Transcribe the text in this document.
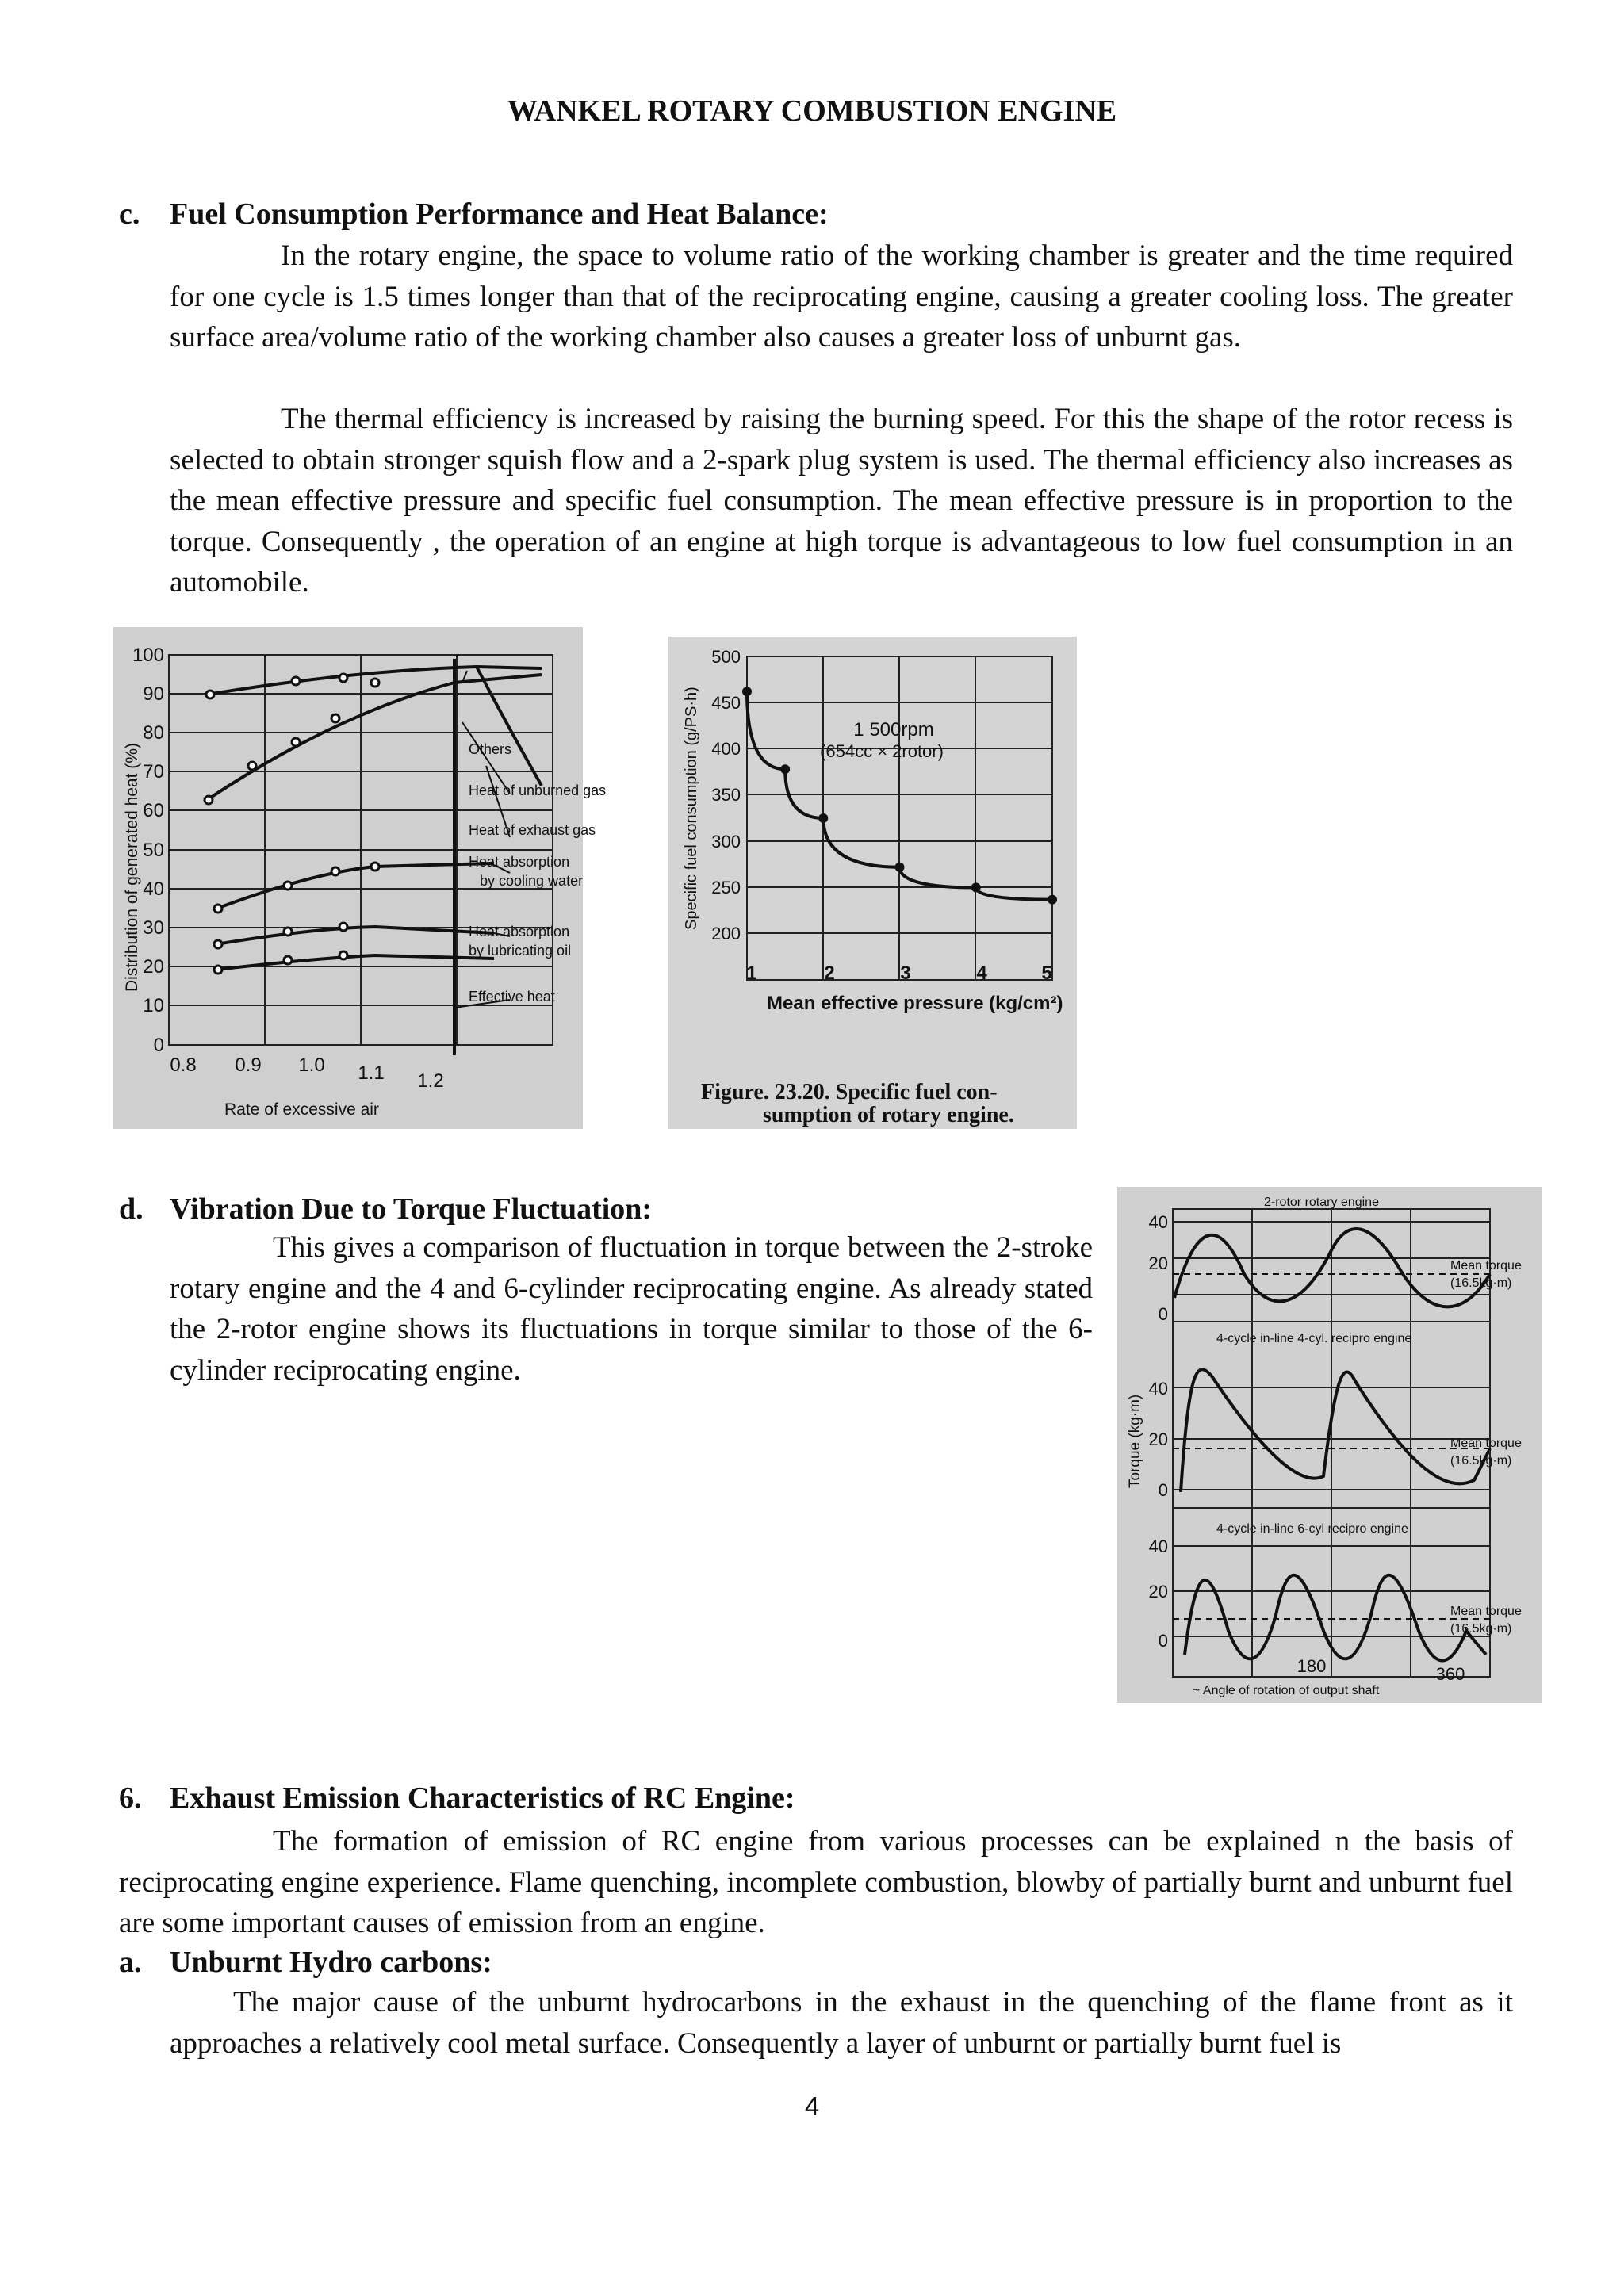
WANKEL ROTARY COMBUSTION ENGINE
c. Fuel Consumption Performance and Heat Balance:
In the rotary engine, the space to volume ratio of the working chamber is greater and the time required for one cycle is 1.5 times longer than that of the reciprocating engine, causing a greater cooling loss. The greater surface area/volume ratio of the working chamber also causes a greater loss of unburnt gas.
The thermal efficiency is increased by raising the burning speed. For this the shape of the rotor recess is selected to obtain stronger squish flow and a 2-spark plug system is used. The thermal efficiency also increases as the mean effective pressure and specific fuel consumption. The mean effective pressure is in proportion to the torque. Consequently , the operation of an engine at high torque is advantageous to low fuel consumption in an automobile.
100
90
80
70
60
50
40
30
20
10
0
0.8 0.9 1.0 1.1 1.2
Rate of excessive air
Distribution of generated heat (%)	Others
Heat of unburned gas
Heat of exhaust gas
Heat absorption
by cooling water
Heat absorption
by lubricating oil
Effective heat
500
450
400
350
300
250
200
1	2	3	4	5
Mean effective pressure (kg/cm²)
Specific fuel consumption (g/PS·h)	1 500rpm
(654cc × 2rotor)
Figure. 23.20. Specific fuel con-
sumption of rotary engine.
d. Vibration Due to Torque Fluctuation:
This gives a comparison of fluctuation in torque between the 2-stroke rotary engine and the 4 and 6-cylinder reciprocating engine. As already stated the 2-rotor engine shows its fluctuations in torque similar to those of the 6-cylinder reciprocating engine.
40
20
0
40
20
0
40
20
0
Torque (kg·m)
2-rotor rotary engine
4-cycle in-line 4-cyl. recipro engine
4-cycle in-line 6-cyl recipro engine
Mean torque
(16.5kg·m)
Mean torque
(16.5kg·m)
Mean torque
(16.5kg·m)
180	360
~ Angle of rotation of output shaft
6. Exhaust Emission Characteristics of RC Engine:
The formation of emission of RC engine from various processes can be explained n the basis of reciprocating engine experience. Flame quenching, incomplete combustion, blowby of partially burnt and unburnt fuel are some important causes of emission from an engine.
a. Unburnt Hydro carbons:
The major cause of the unburnt hydrocarbons in the exhaust in the quenching of the flame front as it approaches a relatively cool metal surface. Consequently a layer of unburnt or partially burnt fuel is
4
